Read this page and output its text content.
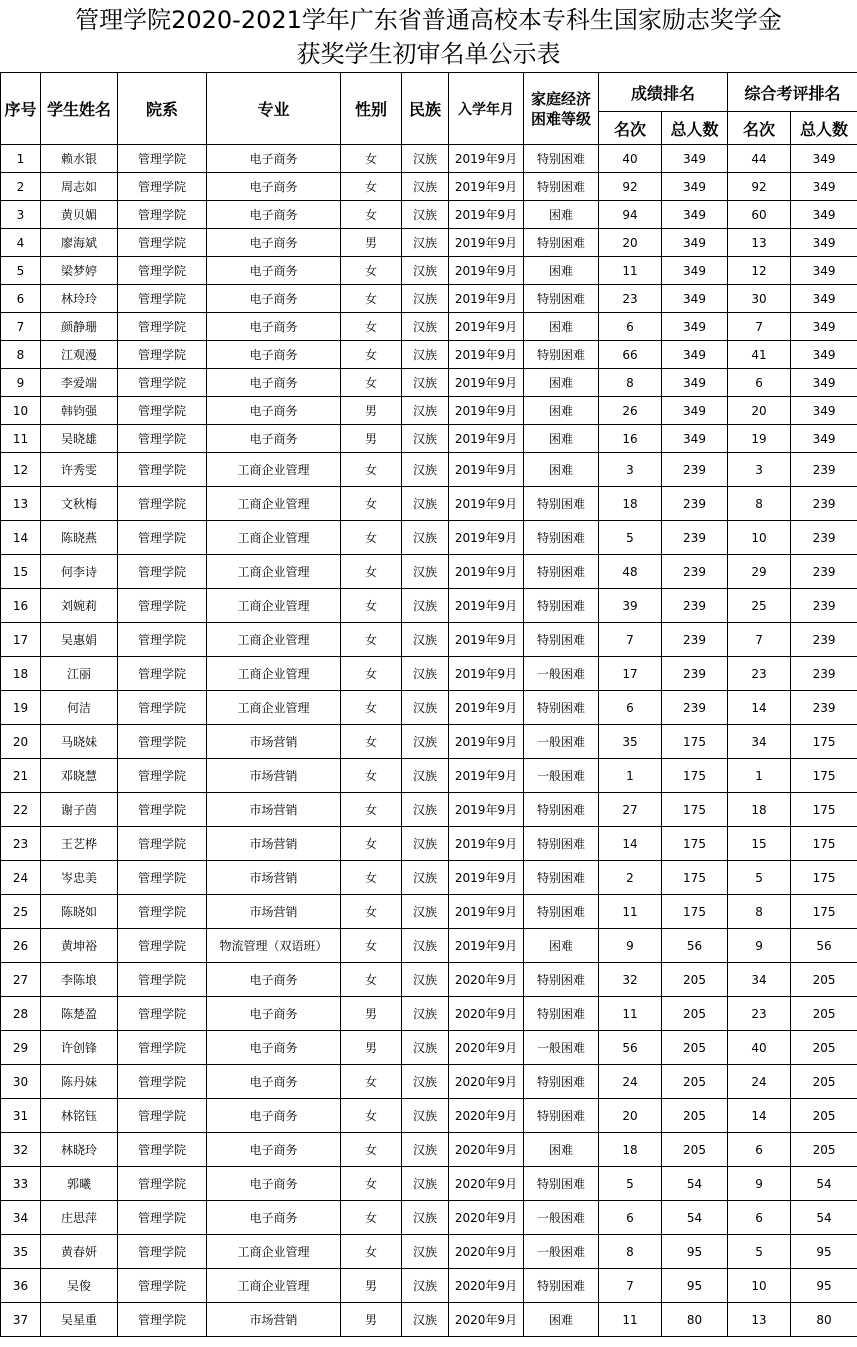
管理学院2020-2021学年广东省普通高校本专科生国家励志奖学金
获奖学生初审名单公示表
序号	学生姓名	院系	专业	性别	民族	入学年月	家庭经济困难等级	成绩排名		综合考评排名	
								名次	总人数	名次	总人数
1	赖水银	管理学院	电子商务	女	汉族	2019年9月	特别困难	40	349	44	349
2	周志如	管理学院	电子商务	女	汉族	2019年9月	特别困难	92	349	92	349
3	黄贝媚	管理学院	电子商务	女	汉族	2019年9月	困难	94	349	60	349
4	廖海斌	管理学院	电子商务	男	汉族	2019年9月	特别困难	20	349	13	349
5	梁梦婷	管理学院	电子商务	女	汉族	2019年9月	困难	11	349	12	349
6	林玲玲	管理学院	电子商务	女	汉族	2019年9月	特别困难	23	349	30	349
7	颜静珊	管理学院	电子商务	女	汉族	2019年9月	困难	6	349	7	349
8	江观漫	管理学院	电子商务	女	汉族	2019年9月	特别困难	66	349	41	349
9	李爱端	管理学院	电子商务	女	汉族	2019年9月	困难	8	349	6	349
10	韩钧强	管理学院	电子商务	男	汉族	2019年9月	困难	26	349	20	349
11	吴晓雄	管理学院	电子商务	男	汉族	2019年9月	困难	16	349	19	349
12	许秀雯	管理学院	工商企业管理	女	汉族	2019年9月	困难	3	239	3	239
13	文秋梅	管理学院	工商企业管理	女	汉族	2019年9月	特别困难	18	239	8	239
14	陈晓燕	管理学院	工商企业管理	女	汉族	2019年9月	特别困难	5	239	10	239
15	何李诗	管理学院	工商企业管理	女	汉族	2019年9月	特别困难	48	239	29	239
16	刘婉莉	管理学院	工商企业管理	女	汉族	2019年9月	特别困难	39	239	25	239
17	吴惠娟	管理学院	工商企业管理	女	汉族	2019年9月	特别困难	7	239	7	239
18	江丽	管理学院	工商企业管理	女	汉族	2019年9月	一般困难	17	239	23	239
19	何洁	管理学院	工商企业管理	女	汉族	2019年9月	特别困难	6	239	14	239
20	马晓妹	管理学院	市场营销	女	汉族	2019年9月	一般困难	35	175	34	175
21	邓晓慧	管理学院	市场营销	女	汉族	2019年9月	一般困难	1	175	1	175
22	谢子茵	管理学院	市场营销	女	汉族	2019年9月	特别困难	27	175	18	175
23	王艺桦	管理学院	市场营销	女	汉族	2019年9月	特别困难	14	175	15	175
24	岑忠美	管理学院	市场营销	女	汉族	2019年9月	特别困难	2	175	5	175
25	陈晓如	管理学院	市场营销	女	汉族	2019年9月	特别困难	11	175	8	175
26	黄坤裕	管理学院	物流管理（双语班）	女	汉族	2019年9月	困难	9	56	9	56
27	李陈埌	管理学院	电子商务	女	汉族	2020年9月	特别困难	32	205	34	205
28	陈楚盈	管理学院	电子商务	男	汉族	2020年9月	特别困难	11	205	23	205
29	许创锋	管理学院	电子商务	男	汉族	2020年9月	一般困难	56	205	40	205
30	陈丹妹	管理学院	电子商务	女	汉族	2020年9月	特别困难	24	205	24	205
31	林铭钰	管理学院	电子商务	女	汉族	2020年9月	特别困难	20	205	14	205
32	林晓玲	管理学院	电子商务	女	汉族	2020年9月	困难	18	205	6	205
33	郭曦	管理学院	电子商务	女	汉族	2020年9月	特别困难	5	54	9	54
34	庄思萍	管理学院	电子商务	女	汉族	2020年9月	一般困难	6	54	6	54
35	黄春妍	管理学院	工商企业管理	女	汉族	2020年9月	一般困难	8	95	5	95
36	吴俊	管理学院	工商企业管理	男	汉族	2020年9月	特别困难	7	95	10	95
37	吴星重	管理学院	市场营销	男	汉族	2020年9月	困难	11	80	13	80
